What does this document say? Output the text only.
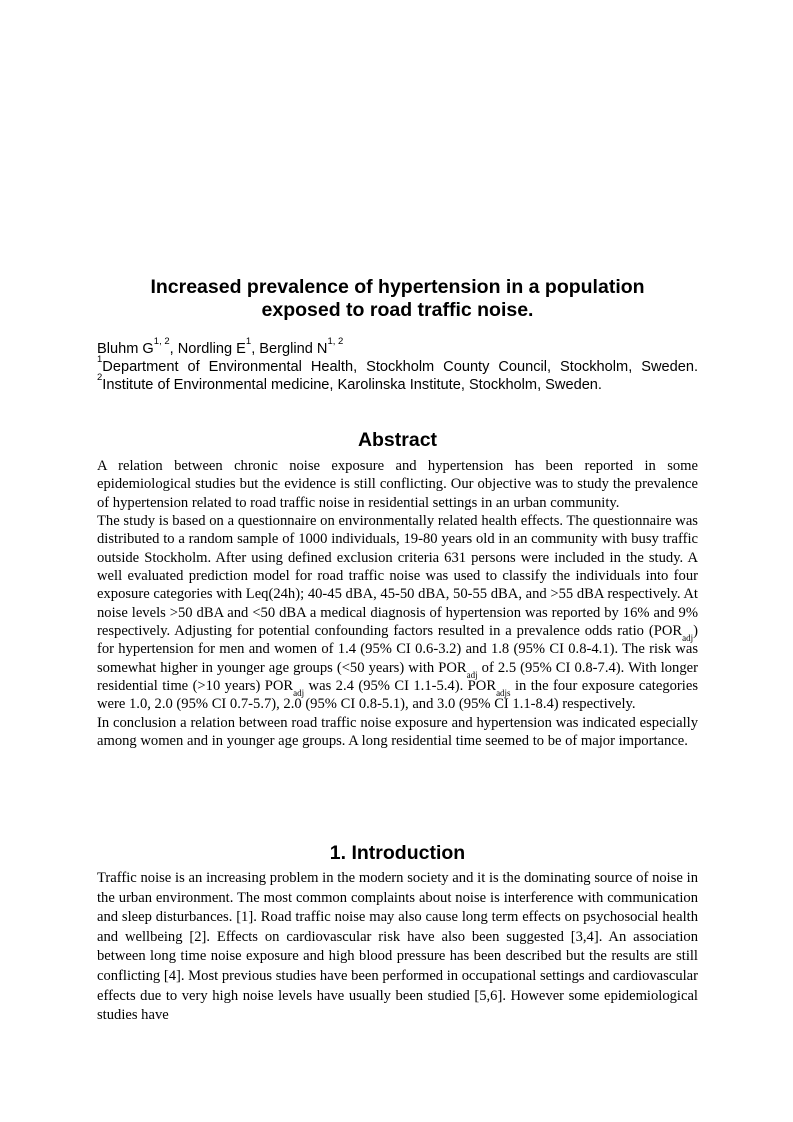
Increased prevalence of hypertension in a population
exposed to road traffic noise.
Bluhm G$^{1, 2}$, Nordling $E^1$, Berglind N$^{1, 2}$
$^1$Department of Environmental Health, Stockholm County Council, Stockholm, Sweden. $^2$Institute of Environmental medicine, Karolinska Institute, Stockholm, Sweden.
Abstract

A relation between chronic noise exposure and hypertension has been reported in some epidemiological studies but the evidence is still conflicting. Our objective was to study the prevalence of hypertension related to road traffic noise in residential settings in an urban community.

The study is based on a questionnaire on environmentally related health effects. The questionnaire was distributed to a random sample of 1000 individuals, 19-80 years old in an community with busy traffic outside Stockholm. After using defined exclusion criteria 631 persons were included in the study. A well evaluated prediction model for road traffic noise was used to classify the individuals into four exposure categories with Leq(24h); 40-45 dBA, 45-50 dBA, 50-55 dBA, and >55 dBA respectively. At noise levels >50 dBA and <50 dBA a medical diagnosis of hypertension was reported by 16% and 9% respectively. Adjusting for potential confounding factors resulted in a prevalence odds ratio $(POR_{adj})$ for hypertension for men and women of 1.4 (95% CI 0.6-3.2) and 1.8 (95% CI 0.8-4.1). The risk was somewhat higher in younger age groups (<50 years) with $POR_{adj}$ of 2.5 (95% CI 0.8-7.4). With longer residential time (>10 years) $POR_{adj}$ was 2.4 (95% CI 1.1-5.4). $POR_{adjs}$ in the four exposure categories were 1.0, 2.0 (95% CI 0.7-5.7), 2.0 (95% CI 0.8-5.1), and 3.0 (95% CI 1.1-8.4) respectively.

In conclusion a relation between road traffic noise exposure and hypertension was indicated especially among women and in younger age groups. A long residential time seemed to be of major importance.

1. Introduction

Traffic noise is an increasing problem in the modern society and it is the dominating source of noise in the urban environment. The most common complaints about noise is interference with communication and sleep disturbances. [1]. Road traffic noise may also cause long term effects on psychosocial health and wellbeing [2]. Effects on cardiovascular risk have also been suggested [3,4]. An association between long time noise exposure and high blood pressure has been described but the results are still conflicting [4]. Most previous studies have been performed in occupational settings and cardiovascular effects due to very high noise levels have usually been studied [5,6]. However some epidemiological studies have
